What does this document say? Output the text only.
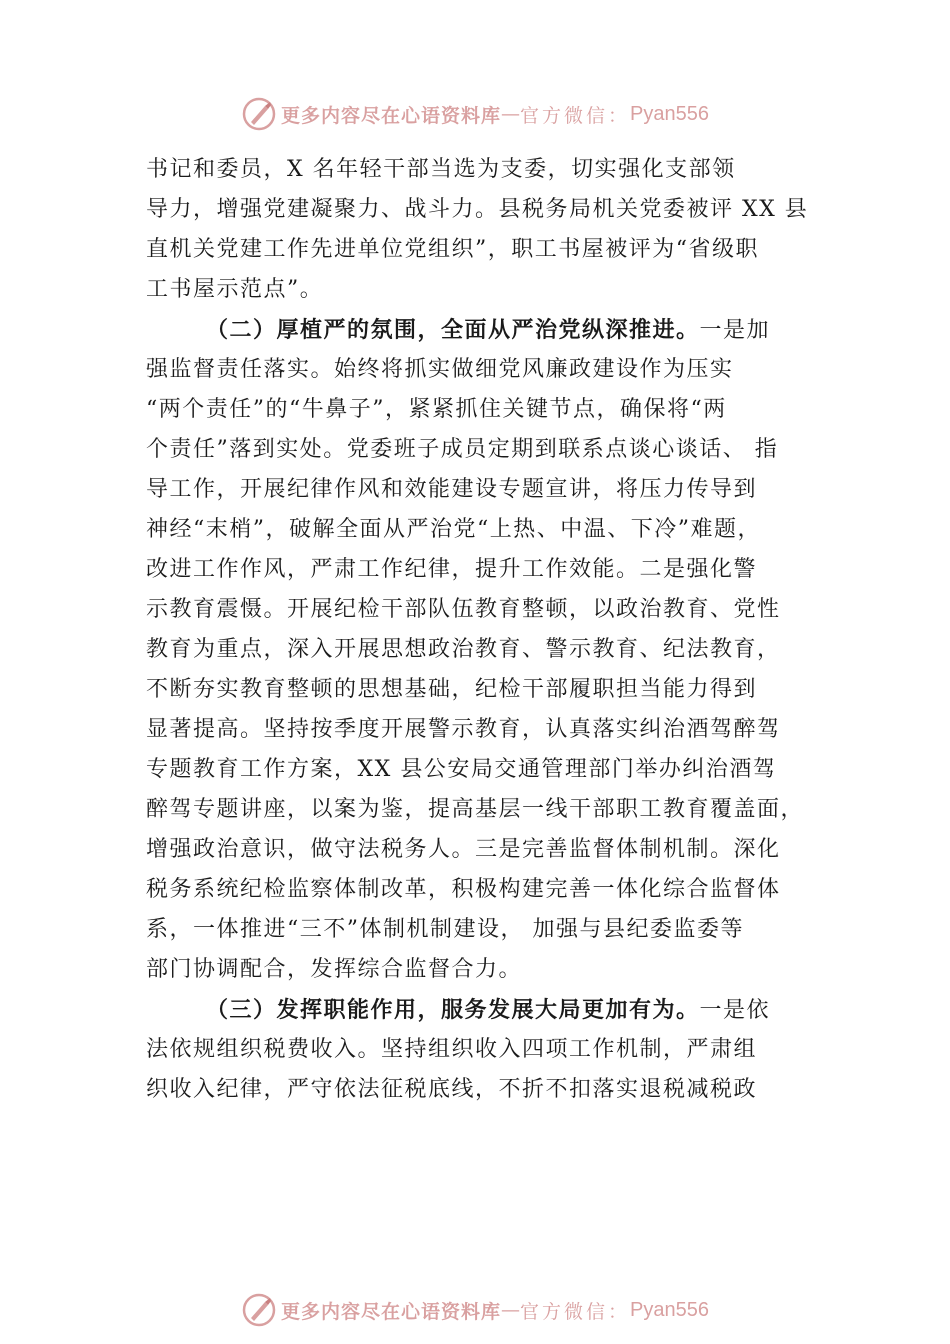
更多内容尽在心语资料库 — 官方微信： Pyan556
书记和委员，X 名年轻干部当选为支委，切实强化支部领
导力，增强党建凝聚力、战斗力。县税务局机关党委被评 XX 县
直机关党建工作先进单位党组织”，职工书屋被评为“省级职
工书屋示范点”。
（二）厚植严的氛围，全面从严治党纵深推进。一是加
强监督责任落实。始终将抓实做细党风廉政建设作为压实
“两个责任”的“牛鼻子”，紧紧抓住关键节点，确保将“两
个责任”落到实处。党委班子成员定期到联系点谈心谈话、 指
导工作，开展纪律作风和效能建设专题宣讲，将压力传导到
神经“末梢”，破解全面从严治党“上热、中温、下冷”难题，
改进工作作风，严肃工作纪律，提升工作效能。二是强化警
示教育震慑。开展纪检干部队伍教育整顿，以政治教育、党性
教育为重点，深入开展思想政治教育、警示教育、纪法教育，
不断夯实教育整顿的思想基础，纪检干部履职担当能力得到
显著提高。坚持按季度开展警示教育，认真落实纠治酒驾醉驾
专题教育工作方案，XX 县公安局交通管理部门举办纠治酒驾
醉驾专题讲座，以案为鉴，提高基层一线干部职工教育覆盖面，
增强政治意识，做守法税务人。三是完善监督体制机制。深化
税务系统纪检监察体制改革，积极构建完善一体化综合监督体
系，一体推进“三不”体制机制建设， 加强与县纪委监委等
部门协调配合，发挥综合监督合力。
（三）发挥职能作用，服务发展大局更加有为。一是依
法依规组织税费收入。坚持组织收入四项工作机制，严肃组
织收入纪律，严守依法征税底线，不折不扣落实退税减税政
更多内容尽在心语资料库 — 官方微信： Pyan556
